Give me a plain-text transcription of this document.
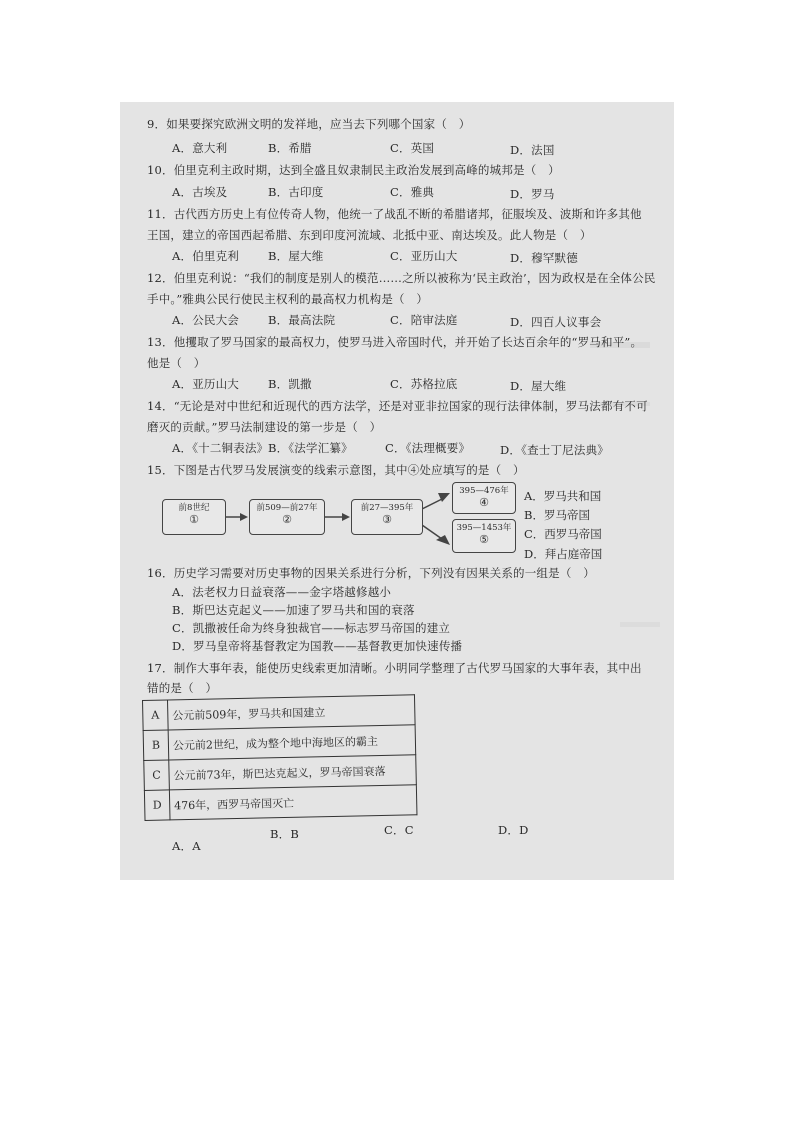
9．如果要探究欧洲文明的发祥地，应当去下列哪个国家（　）
A．意大利	B．希腊	C．英国	D．法国
10．伯里克利主政时期，达到全盛且奴隶制民主政治发展到高峰的城邦是（　）
A．古埃及	B．古印度	C．雅典	D．罗马
11．古代西方历史上有位传奇人物，他统一了战乱不断的希腊诸邦，征服埃及、波斯和许多其他
王国，建立的帝国西起希腊、东到印度河流域、北抵中亚、南达埃及。此人物是（　）
A．伯里克利	B．屋大维	C．亚历山大	D．穆罕默德
12．伯里克利说：“我们的制度是别人的模范……之所以被称为‘民主政治’，因为政权是在全体公民
手中。”雅典公民行使民主权利的最高权力机构是（　）
A．公民大会	B．最高法院	C．陪审法庭	D．四百人议事会
13．他攫取了罗马国家的最高权力，使罗马进入帝国时代，并开始了长达百余年的“罗马和平”。
他是（　）
A．亚历山大	B．凯撒	C．苏格拉底	D．屋大维
14．“无论是对中世纪和近现代的西方法学，还是对亚非拉国家的现行法律体制，罗马法都有不可
磨灭的贡献。”罗马法制建设的第一步是（　）
A．《十二铜表法》 B．《法学汇纂》	C．《法理概要》	D．《查士丁尼法典》
15．下图是古代罗马发展演变的线索示意图，其中④处应填写的是（　）
前8世纪
①
前509—前27年
②
前27—395年
③
395—476年
④
395—1453年
⑤
A．罗马共和国
B．罗马帝国
C．西罗马帝国
D．拜占庭帝国
16．历史学习需要对历史事物的因果关系进行分析，下列没有因果关系的一组是（　）
A．法老权力日益衰落——金字塔越修越小
B．斯巴达克起义——加速了罗马共和国的衰落
C．凯撒被任命为终身独裁官——标志罗马帝国的建立
D．罗马皇帝将基督教定为国教——基督教更加快速传播
17．制作大事年表，能使历史线索更加清晰。小明同学整理了古代罗马国家的大事年表，其中出
错的是（　）
A	公元前509年，罗马共和国建立
B	公元前2世纪，成为整个地中海地区的霸主
C	公元前73年，斯巴达克起义，罗马帝国衰落
D	476年，西罗马帝国灭亡
A．A
B．B	C．C	D．D
